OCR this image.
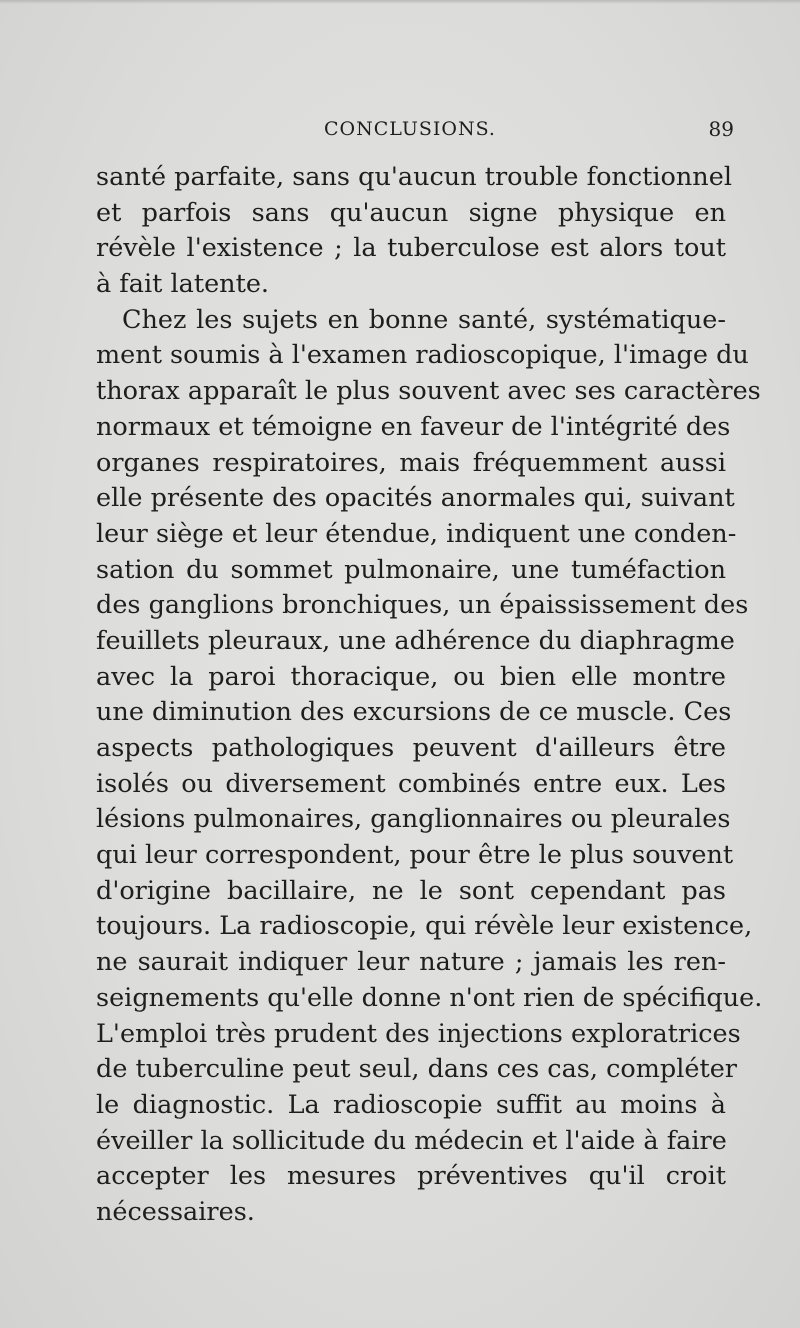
CONCLUSIONS.	89
santé parfaite, sans qu'aucun trouble fonctionnel
et parfois sans qu'aucun signe physique en
révèle l'existence ; la tuberculose est alors tout
à fait latente.
Chez les sujets en bonne santé, systématique-
ment soumis à l'examen radioscopique, l'image du
thorax apparaît le plus souvent avec ses caractères
normaux et témoigne en faveur de l'intégrité des
organes respiratoires, mais fréquemment aussi
elle présente des opacités anormales qui, suivant
leur siège et leur étendue, indiquent une conden-
sation du sommet pulmonaire, une tuméfaction
des ganglions bronchiques, un épaississement des
feuillets pleuraux, une adhérence du diaphragme
avec la paroi thoracique, ou bien elle montre
une diminution des excursions de ce muscle. Ces
aspects pathologiques peuvent d'ailleurs être
isolés ou diversement combinés entre eux. Les
lésions pulmonaires, ganglionnaires ou pleurales
qui leur correspondent, pour être le plus souvent
d'origine bacillaire, ne le sont cependant pas
toujours. La radioscopie, qui révèle leur existence,
ne saurait indiquer leur nature ; jamais les ren-
seignements qu'elle donne n'ont rien de spécifique.
L'emploi très prudent des injections exploratrices
de tuberculine peut seul, dans ces cas, compléter
le diagnostic. La radioscopie suffit au moins à
éveiller la sollicitude du médecin et l'aide à faire
accepter les mesures préventives qu'il croit
nécessaires.
